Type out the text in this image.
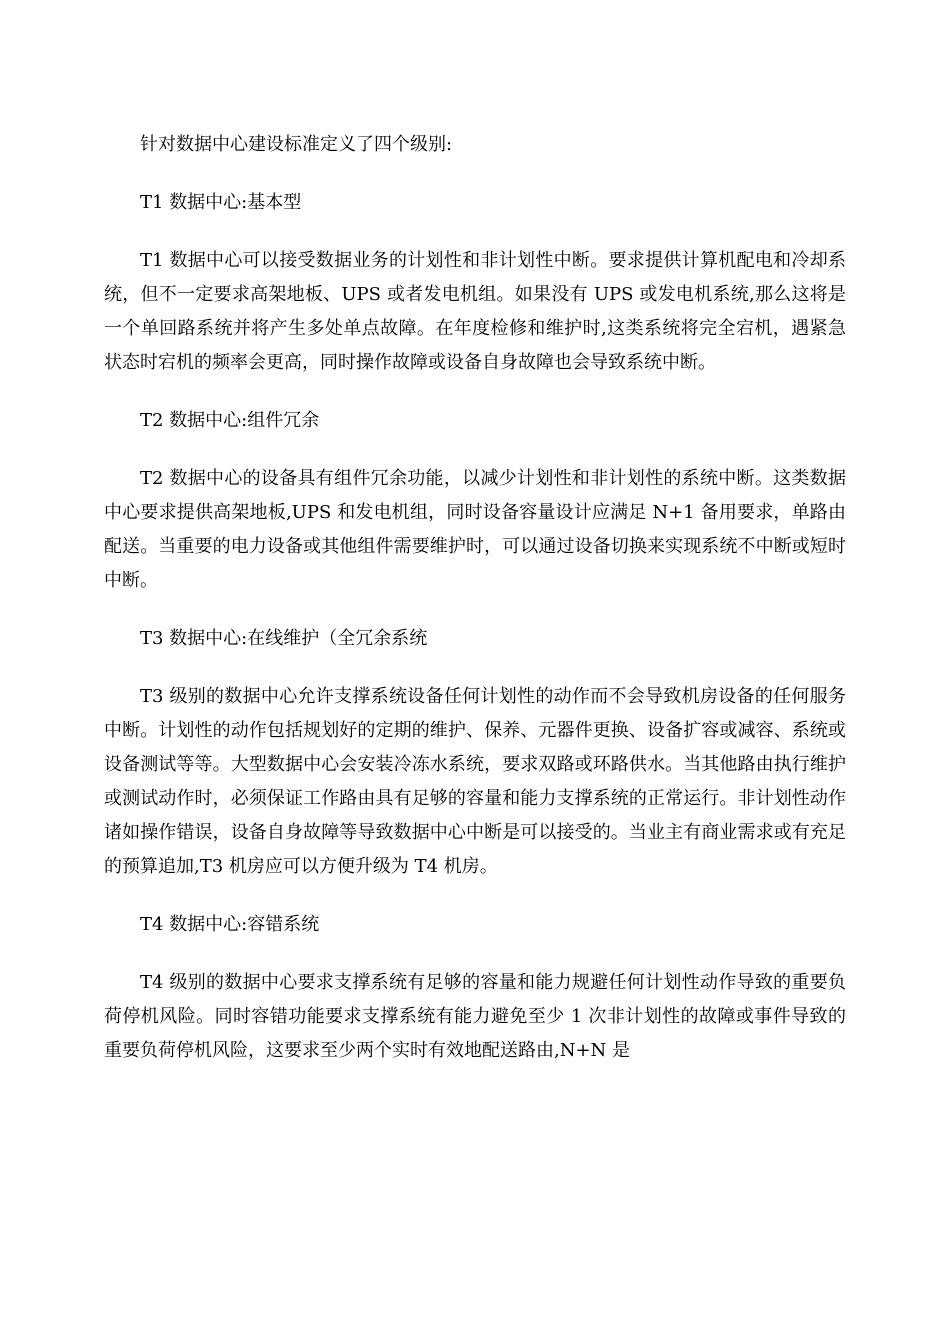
针对数据中心建设标准定义了四个级别:

T1 数据中心:基本型

T1 数据中心可以接受数据业务的计划性和非计划性中断。要求提供计算机配电和冷却系统，但不一定要求高架地板、UPS 或者发电机组。如果没有 UPS 或发电机系统,那么这将是一个单回路系统并将产生多处单点故障。在年度检修和维护时,这类系统将完全宕机，遇紧急状态时宕机的频率会更高，同时操作故障或设备自身故障也会导致系统中断。

T2 数据中心:组件冗余

T2 数据中心的设备具有组件冗余功能，以减少计划性和非计划性的系统中断。这类数据中心要求提供高架地板,UPS 和发电机组，同时设备容量设计应满足 N+1 备用要求，单路由配送。当重要的电力设备或其他组件需要维护时，可以通过设备切换来实现系统不中断或短时中断。

T3 数据中心:在线维护（全冗余系统

T3 级别的数据中心允许支撑系统设备任何计划性的动作而不会导致机房设备的任何服务中断。计划性的动作包括规划好的定期的维护、保养、元器件更换、设备扩容或减容、系统或设备测试等等。大型数据中心会安装冷冻水系统，要求双路或环路供水。当其他路由执行维护或测试动作时，必须保证工作路由具有足够的容量和能力支撑系统的正常运行。非计划性动作诸如操作错误，设备自身故障等导致数据中心中断是可以接受的。当业主有商业需求或有充足的预算追加,T3 机房应可以方便升级为 T4 机房。

T4 数据中心:容错系统

T4 级别的数据中心要求支撑系统有足够的容量和能力规避任何计划性动作导致的重要负荷停机风险。同时容错功能要求支撑系统有能力避免至少 1 次非计划性的故障或事件导致的重要负荷停机风险，这要求至少两个实时有效地配送路由,N+N 是
